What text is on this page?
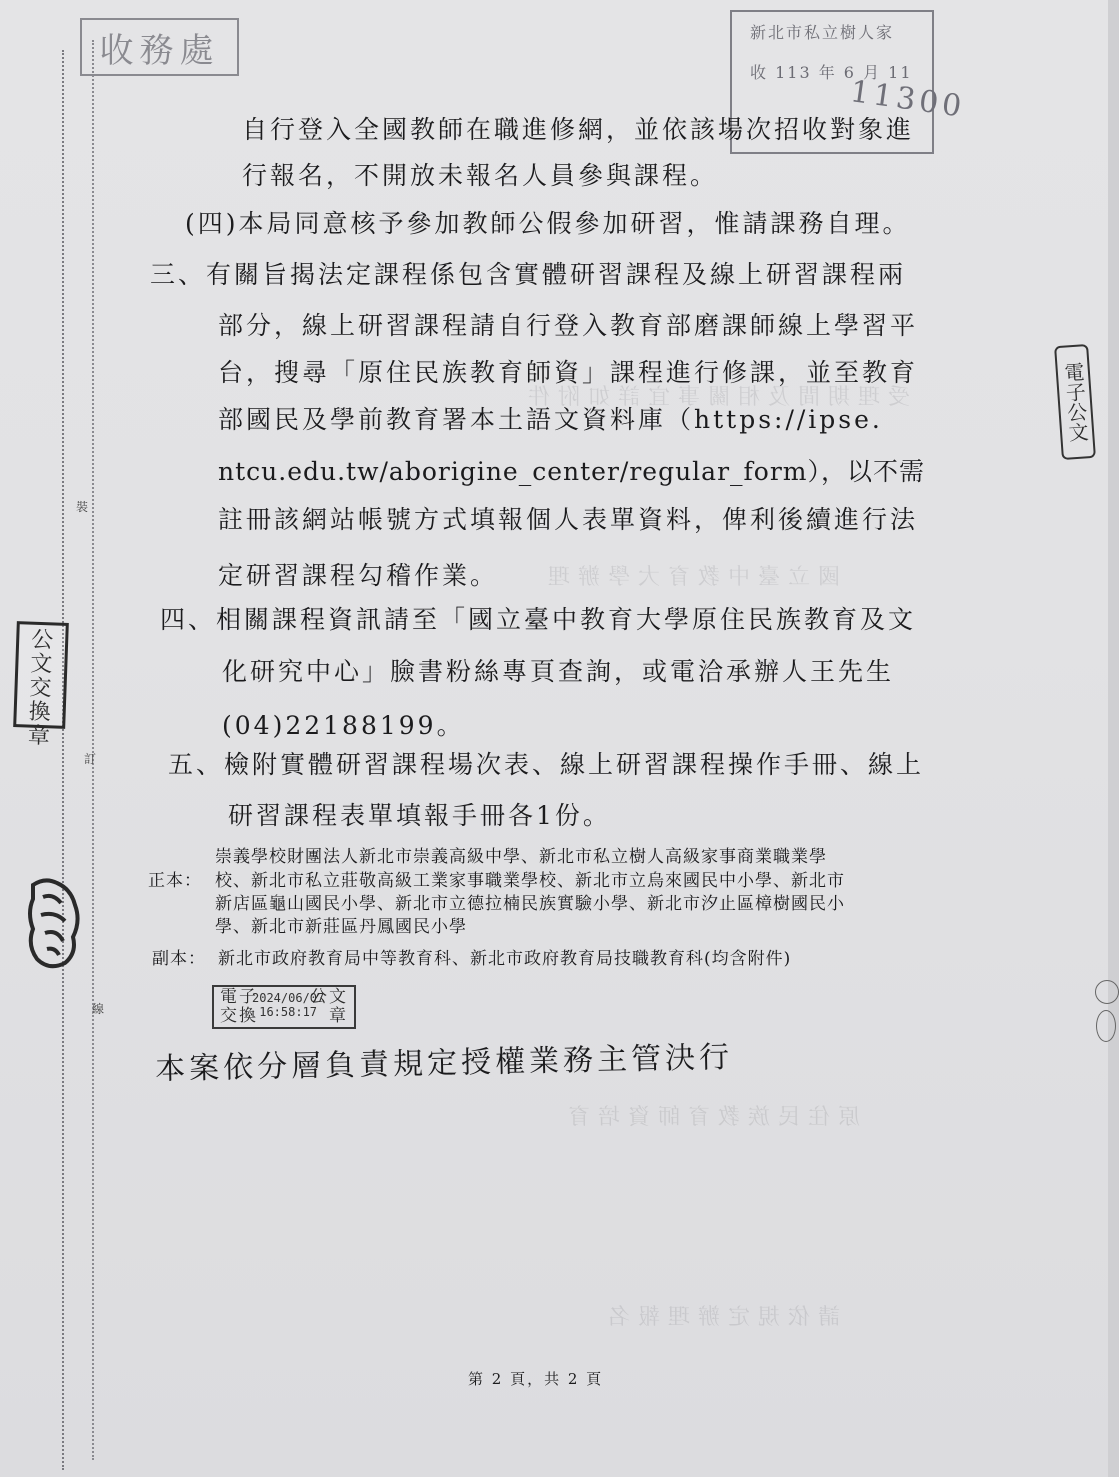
受理期間及相關事宜詳如附件
國立臺中教育大學辦理
原住民族教育師資培育
請依規定辦理報名
裝
訂
線
收務處	新北市私立樹人家
收 113 年 6 月 11
11300
電子公文
公文交換章
自行登入全國教師在職進修網，並依該場次招收對象進
行報名，不開放未報名人員參與課程。
(四)本局同意核予參加教師公假參加研習，惟請課務自理。
三、有關旨揭法定課程係包含實體研習課程及線上研習課程兩
部分，線上研習課程請自行登入教育部磨課師線上學習平
台，搜尋「原住民族教育師資」課程進行修課，並至教育
部國民及學前教育署本土語文資料庫（https://ipse.
ntcu.edu.tw/aborigine_center/regular_form），以不需
註冊該網站帳號方式填報個人表單資料，俾利後續進行法
定研習課程勾稽作業。
四、相關課程資訊請至「國立臺中教育大學原住民族教育及文
化研究中心」臉書粉絲專頁查詢，或電洽承辦人王先生
(04)22188199。
五、檢附實體研習課程場次表、線上研習課程操作手冊、線上
研習課程表單填報手冊各1份。
正本：
崇義學校財團法人新北市崇義高級中學、新北市私立樹人高級家事商業職業學
校、新北市私立莊敬高級工業家事職業學校、新北市立烏來國民中小學、新北市
新店區龜山國民小學、新北市立德拉楠民族實驗小學、新北市汐止區樟樹國民小
學、新北市新莊區丹鳳國民小學
副本： 新北市政府教育局中等教育科、新北市政府教育局技職教育科(均含附件)
電子
交換
2024/06/07
16:58:17
公文
章
本案依分層負責規定授權業務主管決行
第 2 頁，共 2 頁
